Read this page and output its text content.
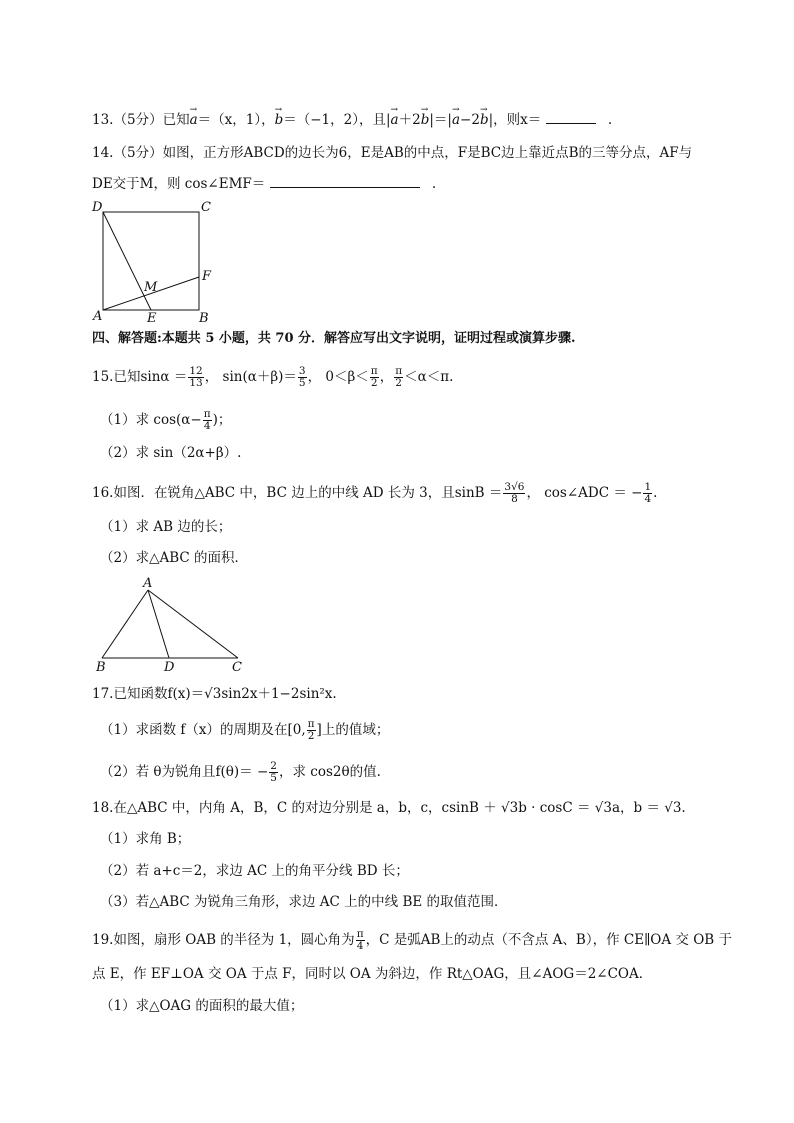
13.（5分）已知→ a＝（x，1），→ b＝（−1，2），且|→ a＋2→ b|＝|→ a−2→ b|，则x＝	.
14.（5分）如图，正方形ABCD的边长为6，E是AB的中点，F是BC边上靠近点B的三等分点，AF与
DE交于M，则 cos∠EMF＝	.
D	C
F
M
A	E	B
四、解答题:本题共 5 小题，共 70 分．解答应写出文字说明，证明过程或演算步骤.
15.已知$\sin\alpha = \frac{12}{13}$ ， $\sin(\alpha+\beta)= \frac{3}{5}$ ， $0<\beta< \frac{\pi}{2}$ ， $\frac{\pi}{2} <\alpha<\pi$.
（1）求 $\cos(\alpha- \frac{\pi}{4}$ )；
（2）求 sin（2α+β）.
16.如图．在锐角△ABC 中，BC 边上的中线 AD 长为 3，且$\sin B = \frac{3√6}{8}$ ， cos∠ADC ＝ − $\frac{1}{4}$ .
（1）求 AB 边的长；
（2）求△ABC 的面积．
A
B	D	C
17.已知函数f(x)＝√3sin2x＋1−2sin²x.
（1）求函数 f（x）的周期及在[0, $\frac{\pi}{2}$ ]上的值域；
（2）若 θ为锐角且$f(\theta)= - \frac{2}{5}$ ，求 cos2θ的值.
18.在△ABC 中，内角 A，B，C 的对边分别是 a，b，c，csinB ＋ √3b · cosC ＝ √3a，b ＝ √3.
（1）求角 B；
（2）若 a+c＝2，求边 AC 上的角平分线 BD 长；
（3）若△ABC 为锐角三角形，求边 AC 上的中线 BE 的取值范围．
19.如图，扇形 OAB 的半径为 1，圆心角为 $\frac{\pi}{4}$ ，C 是弧AB上的动点（不含点 A、B），作 CE∥OA 交 OB 于
点 E，作 EF⊥OA 交 OA 于点 F，同时以 OA 为斜边，作 Rt△OAG，且∠AOG＝2∠COA．
（1）求△OAG 的面积的最大值；
